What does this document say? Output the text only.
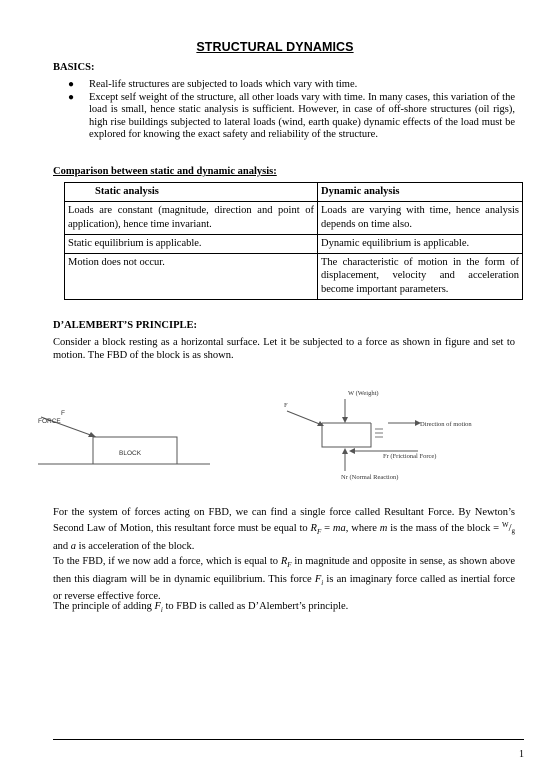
STRUCTURAL DYNAMICS
BASICS:
● Real-life structures are subjected to loads which vary with time.
● Except self weight of the structure, all other loads vary with time. In many cases, this variation of the load is small, hence static analysis is sufficient. However, in case of off-shore structures (oil rigs), high rise buildings subjected to lateral loads (wind, earth quake) dynamic effects of the load must be explored for knowing the exact safety and reliability of the structure.
Comparison between static and dynamic analysis:
Static analysis	Dynamic analysis
Loads are constant (magnitude, direction and point of application), hence time invariant.	Loads are varying with time, hence analysis depends on time also.
Static equilibrium is applicable.	Dynamic equilibrium is applicable.
Motion does not occur.	The characteristic of motion in the form of displacement, velocity and acceleration become important parameters.
D’ALEMBERT’S PRINCIPLE:
Consider a block resting as a horizontal surface. Let it be subjected to a force as shown in figure and set to motion. The FBD of the block is as shown.
FORCE
F
BLOCK
W (Weight)
F
Direction of motion
Fr (Frictional Force)
Nr (Normal Reaction)
For the system of forces acting on FBD, we can find a single force called Resultant Force. By Newton’s Second Law of Motion, this resultant force must be equal to $R_F$ = ma, where m is the mass of the block = $^W$/g and a is acceleration of the block.
To the FBD, if we now add a force, which is equal to $R_F$ in magnitude and opposite in sense, as shown above then this diagram will be in dynamic equilibrium. This force $F_i$ is an imaginary force called as inertial force or reverse effective force.
The principle of adding $F_i$ to FBD is called as D’Alembert’s principle.
1
